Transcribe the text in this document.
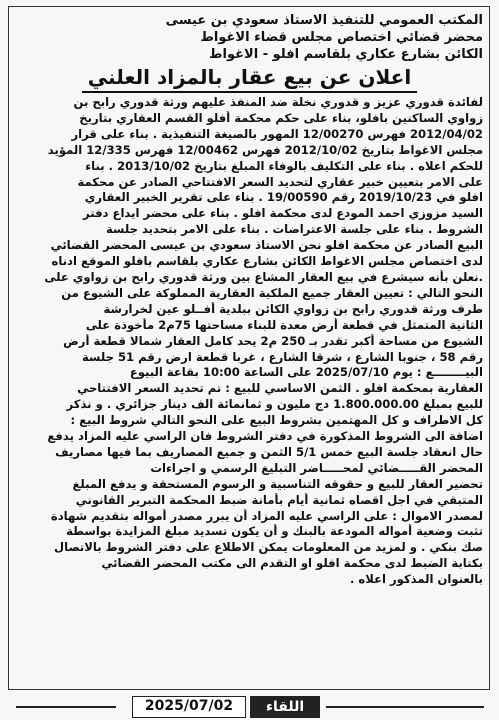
المكتب العمومي للتنفيذ الاستاذ سعودي بن عيسى
محضر قضائي اختصاص مجلس قضاء الاغواط
الكائن بشارع عكاري بلقاسم افلو - الاغواط
اعلان عن بيع عقار بالمزاد العلني
لفائدة قدوري عزيز و قدوري نخلة ضد المنفذ عليهم ورثة قدوري رابح بن
زواوي الساكنين بافلو، بناء على حكم محكمة أفلو القسم العقاري بتاريخ
2012/04/02 فهرس 12/00270 المهور بالصيغة التنفيذية . بناء على قرار
مجلس الاغواط بتاريخ 2012/10/02 فهرس 12/00462 فهرس 12/335 المؤيد
للحكم اعلاه . بناء على التكليف بالوفاء المبلغ بتاريخ 2013/10/02 . بناء
على الامر بتعيين خبير عقاري لتحديد السعر الافتتاحي الصادر عن محكمة
افلو في 2019/10/23 رقم 19/00590 . بناء على تقرير الخبير العقاري
السيد مزوزي احمد المودع لدى محكمة افلو . بناء على محضر ايداع دفتر
الشروط . بناء على جلسة الاعتراضات . بناء على الامر بتحديد جلسة
البيع الصادر عن محكمة افلو نحن الاستاذ سعودي بن عيسى المحضر القضائي
لدى اختصاص مجلس الاغواط الكائن بشارع عكاري بلقاسم بافلو الموقع ادناه
.نعلن بأنه سيشرع في بيع العقار المشاع بين ورثة قدوري رابح بن زواوي على
النحو التالي : تعيين العقار جميع الملكية العقارية المملوكة على الشيوع من
طرف ورثة قدوري رابح بن زواوي الكائن ببلدية أفــلو عين لخرارشة
الثانية المتمثل في قطعة أرض معدة للبناء مساحتها 75م2 مأخوذة على
الشيوع من مساحة أكبر تقدر بـ 250 م2 يحد كامل العقار شمالا قطعة أرض
رقم 58 ، جنوبا الشارع ، شرقا الشارع ، غربا قطعة ارض رقم 51 جلسة
البيــــــــع : يوم 2025/07/10 على الساعة 10:00 بقاعة البيوع
العقارية بمحكمة افلو . الثمن الاساسي للبيع : تم تحديد السعر الافتتاحي
للبيع بمبلغ 1.800.000.00 دج مليون و ثمانمائة الف دينار جزائري . و نذكر
كل الاطراف و كل المهتمين بشروط البيع على النحو التالي شروط البيع :
اضافة الى الشروط المذكورة في دفتر الشروط فان الراسي عليه المزاد يدفع
حال انعقاد جلسة البيع خمس 5/1 الثمن و جميع المصاريف بما فيها مصاريف
المحضر القـــــضائي لمحـــــاضر التبليغ الرسمي و اجراءات
تحضير العقار للبيع و حقوقه التناسبية و الرسوم المستحقة و يدفع المبلغ
المتبقي في اجل اقصاه ثمانية أيام بأمانة ضبط المحكمة التبرير القانوني
لمصدر الاموال : على الراسي عليه المزاد أن يبرر مصدر أمواله بتقديم شهادة
تثبت وضعية أمواله المودعة بالبنك و أن يكون تسديد مبلغ المزايدة بواسطة
صك بنكي . و لمزيد من المعلومات يمكن الاطلاع على دفتر الشروط بالاتصال
بكتابة الضبط لدى محكمة افلو او التقدم الى مكتب المحضر القضائي
بالعنوان المذكور اعلاه .
2025/07/02	اللقاء
